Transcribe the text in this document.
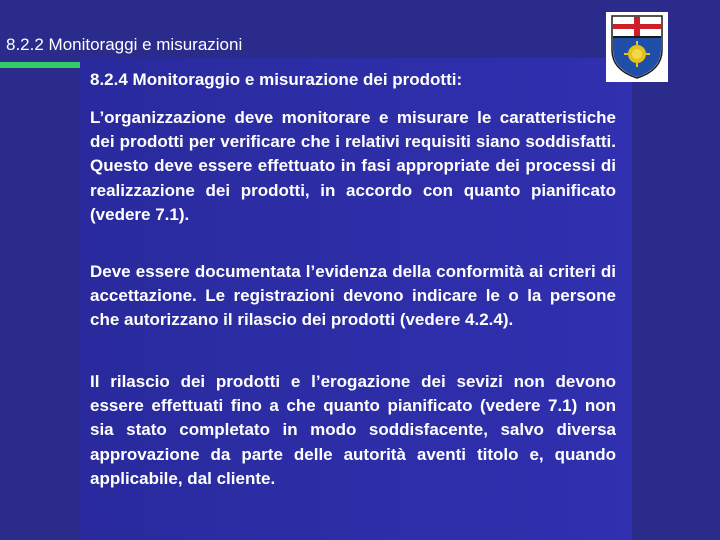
8.2.2 Monitoraggi e misurazioni
8.2.4 Monitoraggio e misurazione dei prodotti:
L’organizzazione deve monitorare e misurare le caratteristiche dei prodotti per verificare che i relativi requisiti siano soddisfatti. Questo deve essere effettuato in fasi appropriate dei processi di realizzazione dei prodotti, in accordo con quanto pianificato (vedere 7.1).
Deve essere documentata l’evidenza della conformità ai criteri di accettazione. Le registrazioni devono indicare le o la persone che autorizzano il rilascio dei prodotti (vedere 4.2.4).
Il rilascio dei prodotti e l’erogazione dei sevizi non devono essere effettuati fino a che quanto pianificato (vedere 7.1) non sia stato completato in modo soddisfacente, salvo diversa approvazione da parte delle autorità aventi titolo e, quando applicabile, dal cliente.
